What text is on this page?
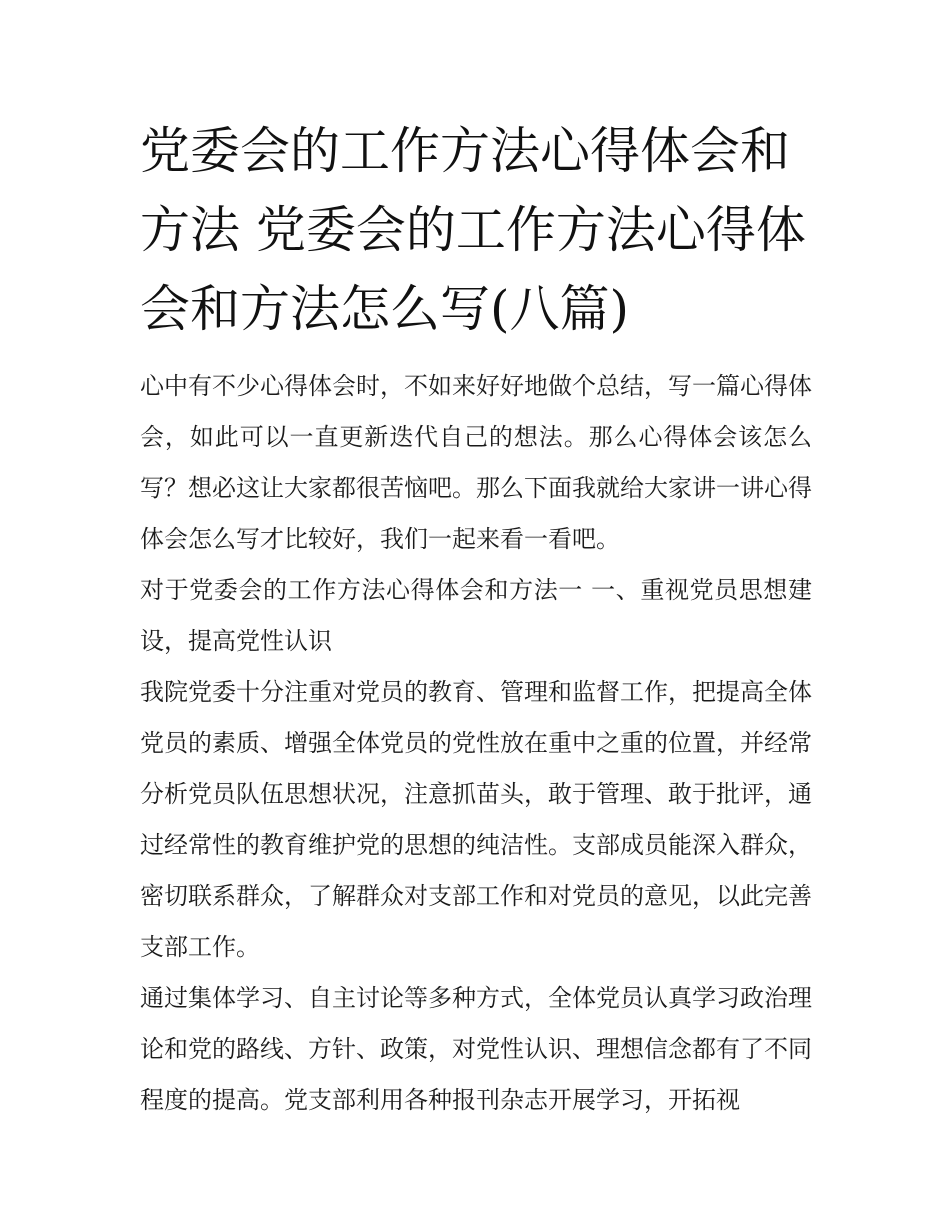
党委会的工作方法心得体会和方法 党委会的工作方法心得体会和方法怎么写(八篇)

心中有不少心得体会时，不如来好好地做个总结，写一篇心得体会，如此可以一直更新迭代自己的想法。那么心得体会该怎么写？想必这让大家都很苦恼吧。那么下面我就给大家讲一讲心得体会怎么写才比较好，我们一起来看一看吧。

对于党委会的工作方法心得体会和方法一 一、重视党员思想建设，提高党性认识

我院党委十分注重对党员的教育、管理和监督工作，把提高全体党员的素质、增强全体党员的党性放在重中之重的位置，并经常分析党员队伍思想状况，注意抓苗头，敢于管理、敢于批评，通过经常性的教育维护党的思想的纯洁性。支部成员能深入群众，密切联系群众，了解群众对支部工作和对党员的意见，以此完善支部工作。

通过集体学习、自主讨论等多种方式，全体党员认真学习政治理论和党的路线、方针、政策，对党性认识、理想信念都有了不同程度的提高。党支部利用各种报刊杂志开展学习，开拓视
